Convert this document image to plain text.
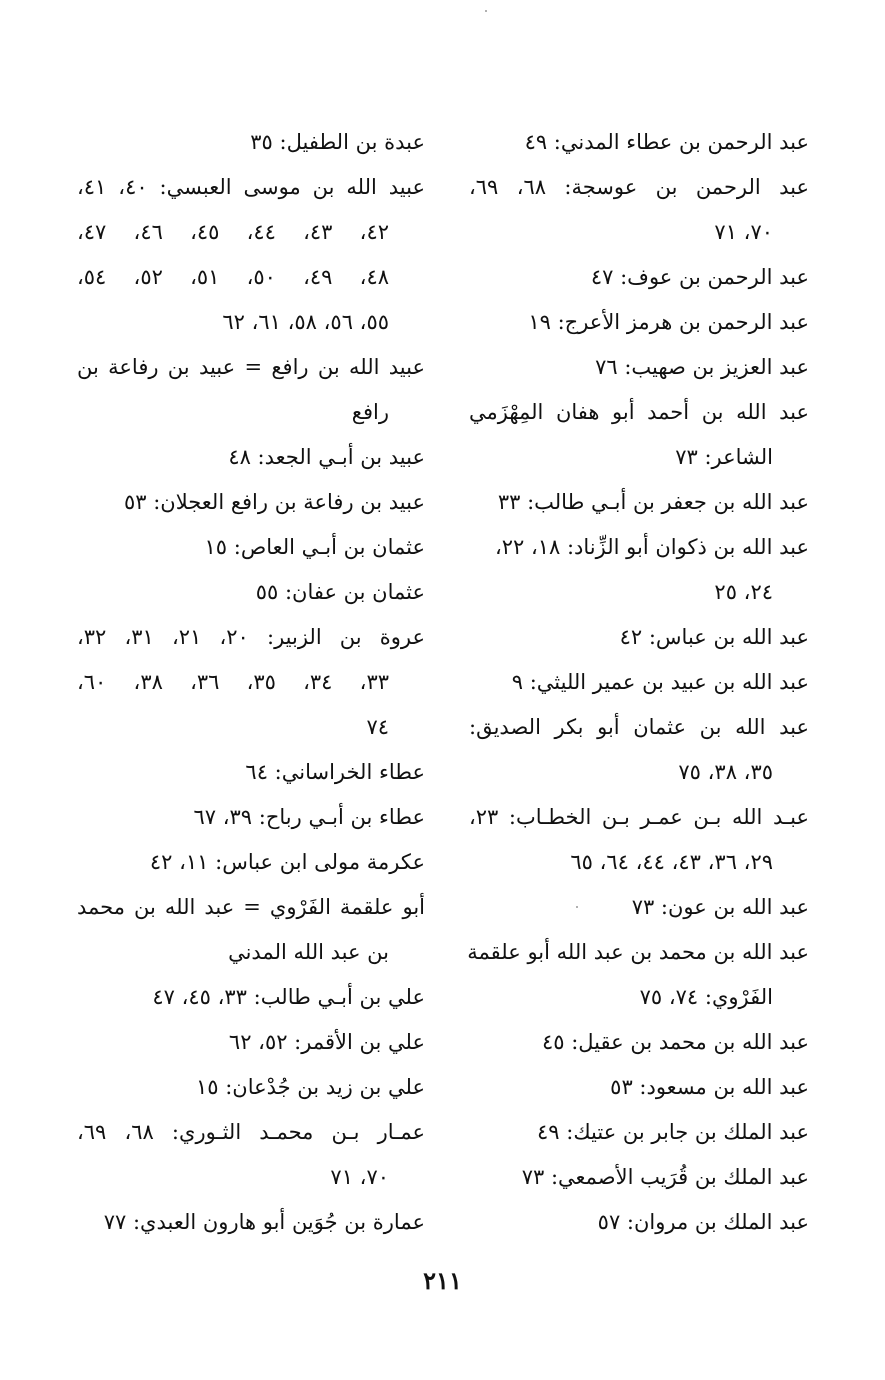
عبد الرحمن بن عطاء المدني: ٤٩
عبد الرحمن بن عوسجة: ٦٨، ٦٩،
٧٠، ٧١
عبد الرحمن بن عوف: ٤٧
عبد الرحمن بن هرمز الأعرج: ١٩
عبد العزيز بن صهيب: ٧٦
عبد الله بن أحمد أبو هفان المِهْزَمي
الشاعر: ٧٣
عبد الله بن جعفر بن أبـي طالب: ٣٣
عبد الله بن ذكوان أبو الزِّناد: ١٨، ٢٢،
٢٤، ٢٥
عبد الله بن عباس: ٤٢
عبد الله بن عبيد بن عمير الليثي: ٩
عبد الله بن عثمان أبو بكر الصديق:
٣٥، ٣٨، ٧٥
عبـد الله بـن عمـر بـن الخطـاب: ٢٣،
٢٩، ٣٦، ٤٣، ٤٤، ٦٤، ٦٥
عبد الله بن عون: ٧٣
عبد الله بن محمد بن عبد الله أبو علقمة
الفَرْوي: ٧٤، ٧٥
عبد الله بن محمد بن عقيل: ٤٥
عبد الله بن مسعود: ٥٣
عبد الملك بن جابر بن عتيك: ٤٩
عبد الملك بن قُرَيب الأصمعي: ٧٣
عبد الملك بن مروان: ٥٧
عبدة بن الطفيل: ٣٥
عبيد الله بن موسى العبسي: ٤٠، ٤١،
٤٢، ٤٣، ٤٤، ٤٥، ٤٦، ٤٧،
٤٨، ٤٩، ٥٠، ٥١، ٥٢، ٥٤،
٥٥، ٥٦، ٥٨، ٦١، ٦٢
عبيد الله بن رافع = عبيد بن رفاعة بن
رافع
عبيد بن أبـي الجعد: ٤٨
عبيد بن رفاعة بن رافع العجلان: ٥٣
عثمان بن أبـي العاص: ١٥
عثمان بن عفان: ٥٥
عروة بن الزبير: ٢٠، ٢١، ٣١، ٣٢،
٣٣، ٣٤، ٣٥، ٣٦، ٣٨، ٦٠،
٧٤
عطاء الخراساني: ٦٤
عطاء بن أبـي رباح: ٣٩، ٦٧
عكرمة مولى ابن عباس: ١١، ٤٢
أبو علقمة الفَرْوي = عبد الله بن محمد
بن عبد الله المدني
علي بن أبـي طالب: ٣٣، ٤٥، ٤٧
علي بن الأقمر: ٥٢، ٦٢
علي بن زيد بن جُدْعان: ١٥
عمـار بـن محمـد الثـوري: ٦٨، ٦٩،
٧٠، ٧١
عمارة بن جُوَين أبو هارون العبدي: ٧٧
٢١١
